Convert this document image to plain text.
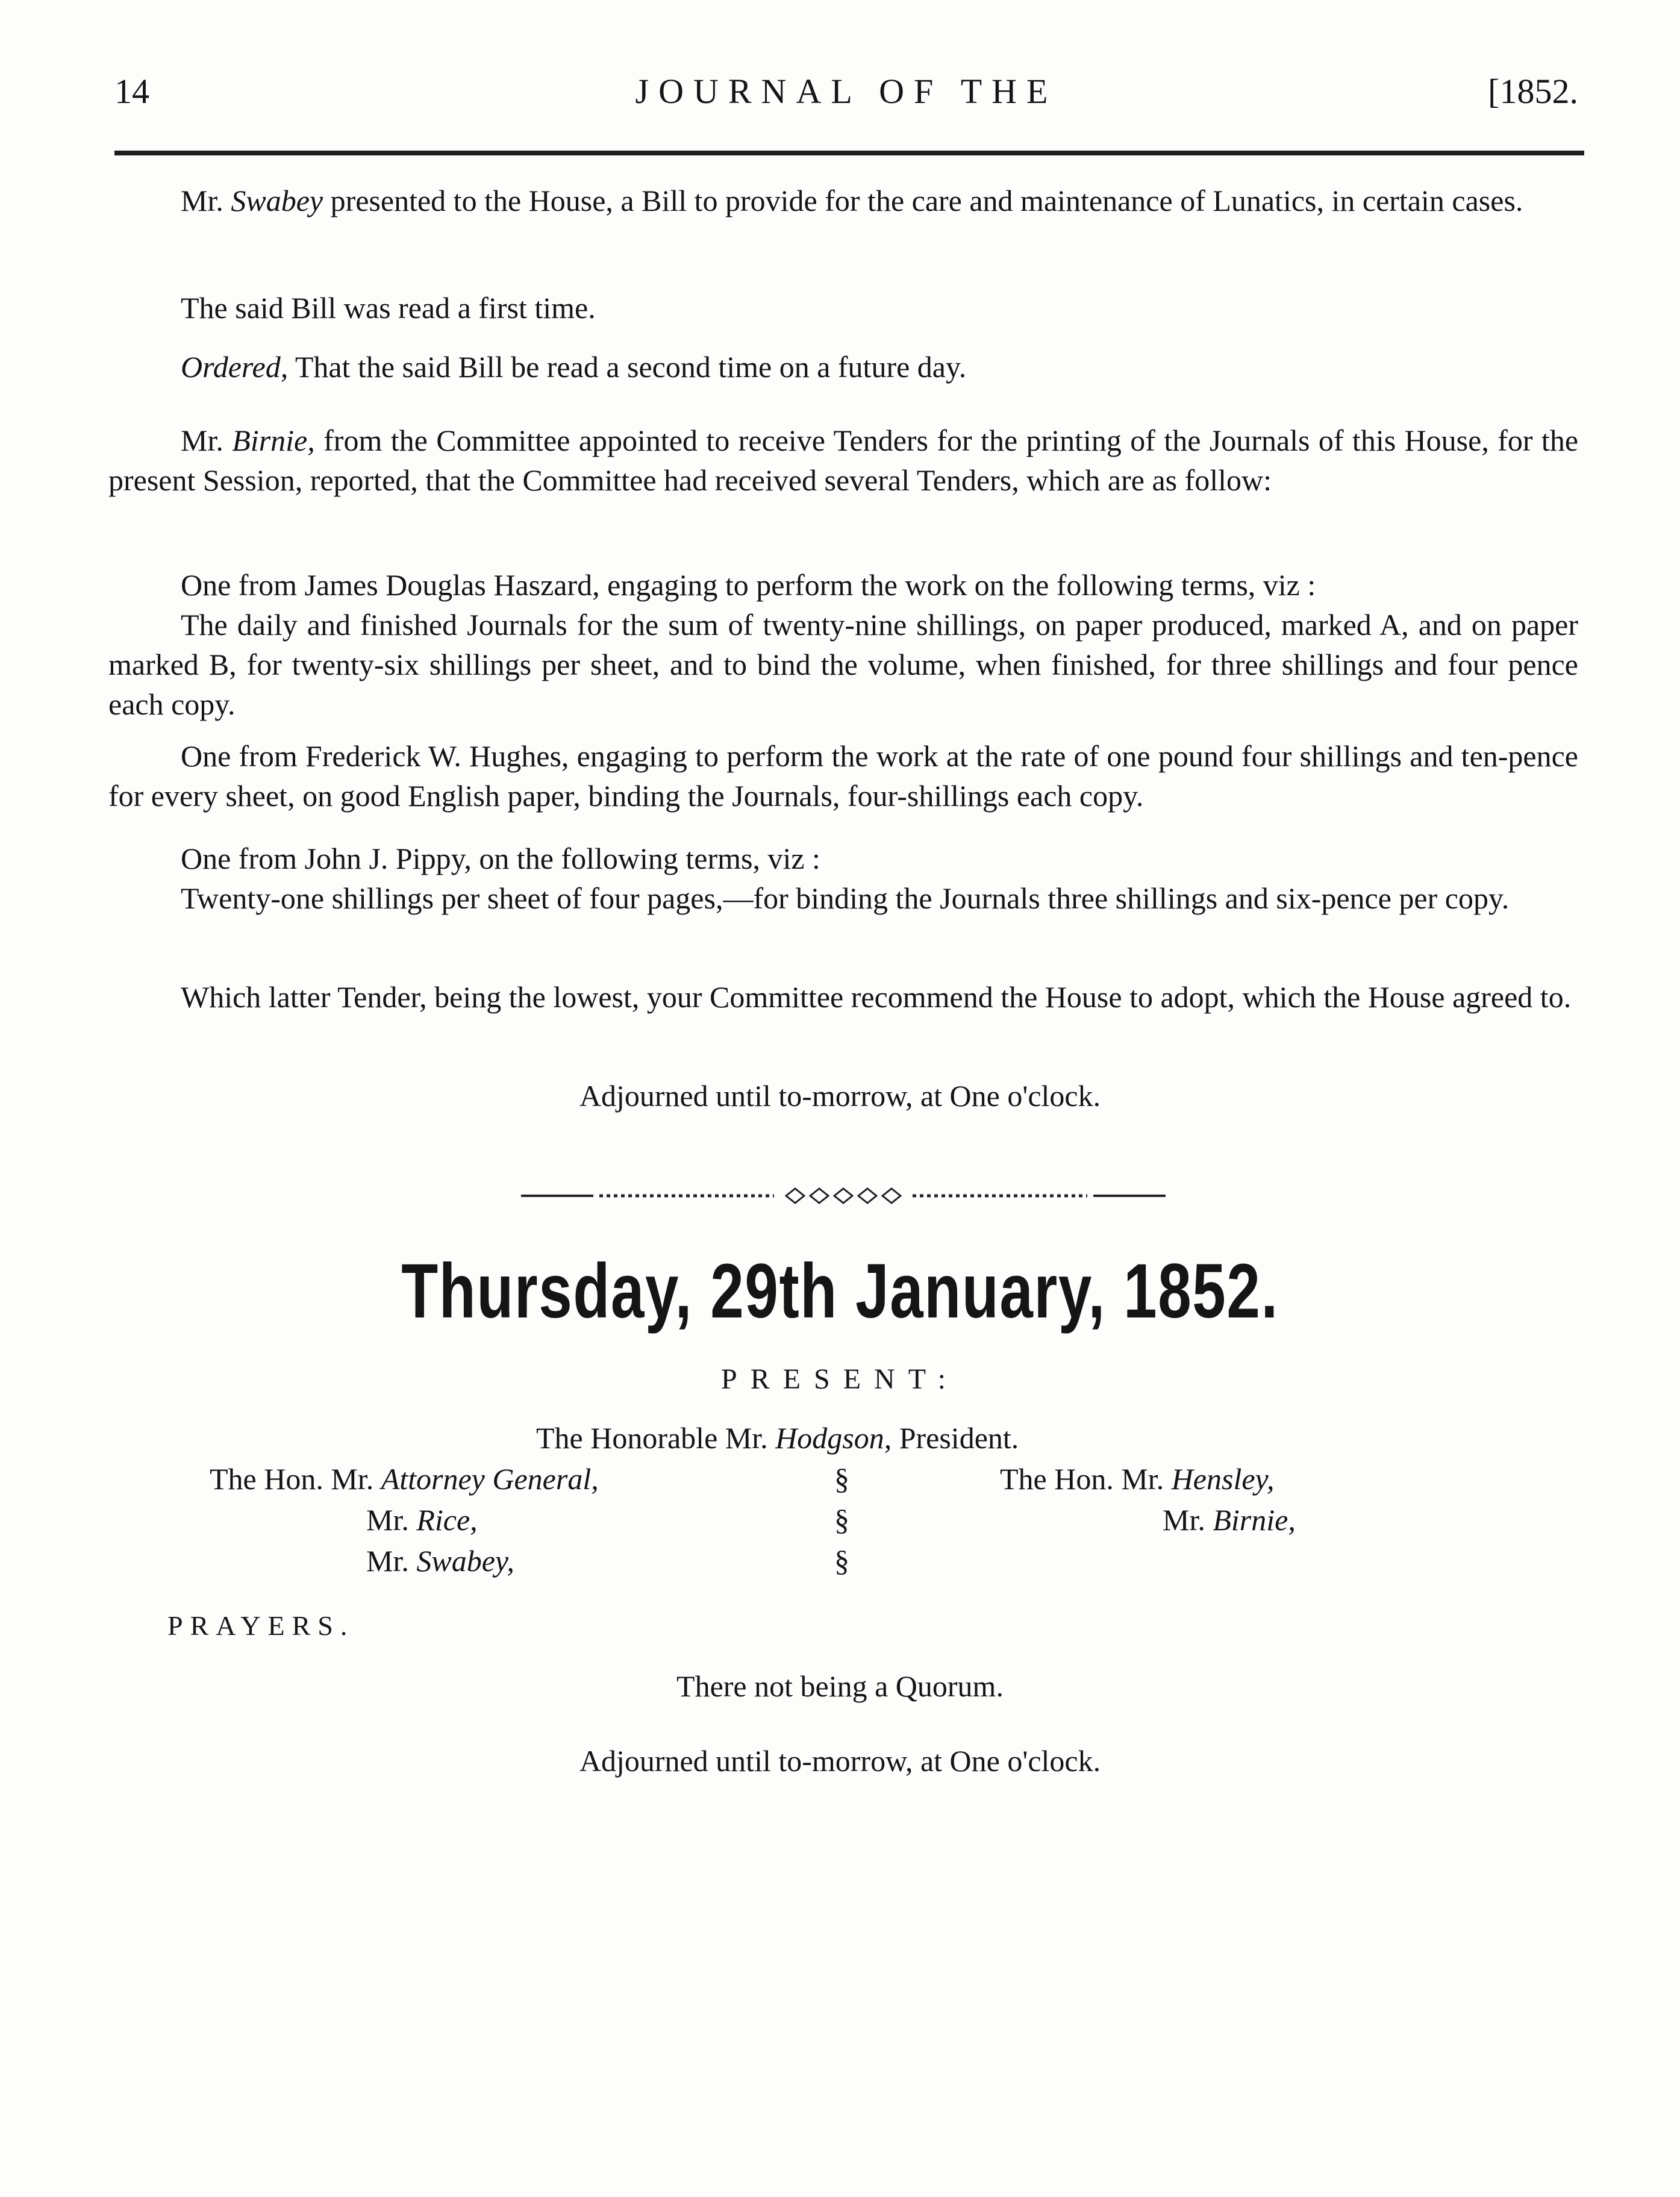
14	JOURNAL OF THE	[1852.
Mr. Swabey presented to the House, a Bill to provide for the care and maintenance of Lunatics, in certain cases.
The said Bill was read a first time.
Ordered, That the said Bill be read a second time on a future day.
Mr. Birnie, from the Committee appointed to receive Tenders for the printing of the Journals of this House, for the present Session, reported, that the Committee had received several Tenders, which are as follow:
One from James Douglas Haszard, engaging to perform the work on the following terms, viz :
The daily and finished Journals for the sum of twenty-nine shillings, on paper produced, marked A, and on paper marked B, for twenty-six shillings per sheet, and to bind the volume, when finished, for three shillings and four pence each copy.
One from Frederick W. Hughes, engaging to perform the work at the rate of one pound four shillings and ten-pence for every sheet, on good English paper, binding the Journals, four-shillings each copy.
One from John J. Pippy, on the following terms, viz :
Twenty-one shillings per sheet of four pages,—for binding the Journals three shillings and six-pence per copy.
Which latter Tender, being the lowest, your Committee recommend the House to adopt, which the House agreed to.
Adjourned until to-morrow, at One o'clock.
Thursday, 29th January, 1852.
PRESENT:
The Honorable Mr. Hodgson, President.
The Hon. Mr. Attorney General,
Mr. Rice,
Mr. Swabey,
§
§
§
The Hon. Mr. Hensley,
Mr. Birnie,
PRAYERS.
There not being a Quorum.
Adjourned until to-morrow, at One o'clock.
